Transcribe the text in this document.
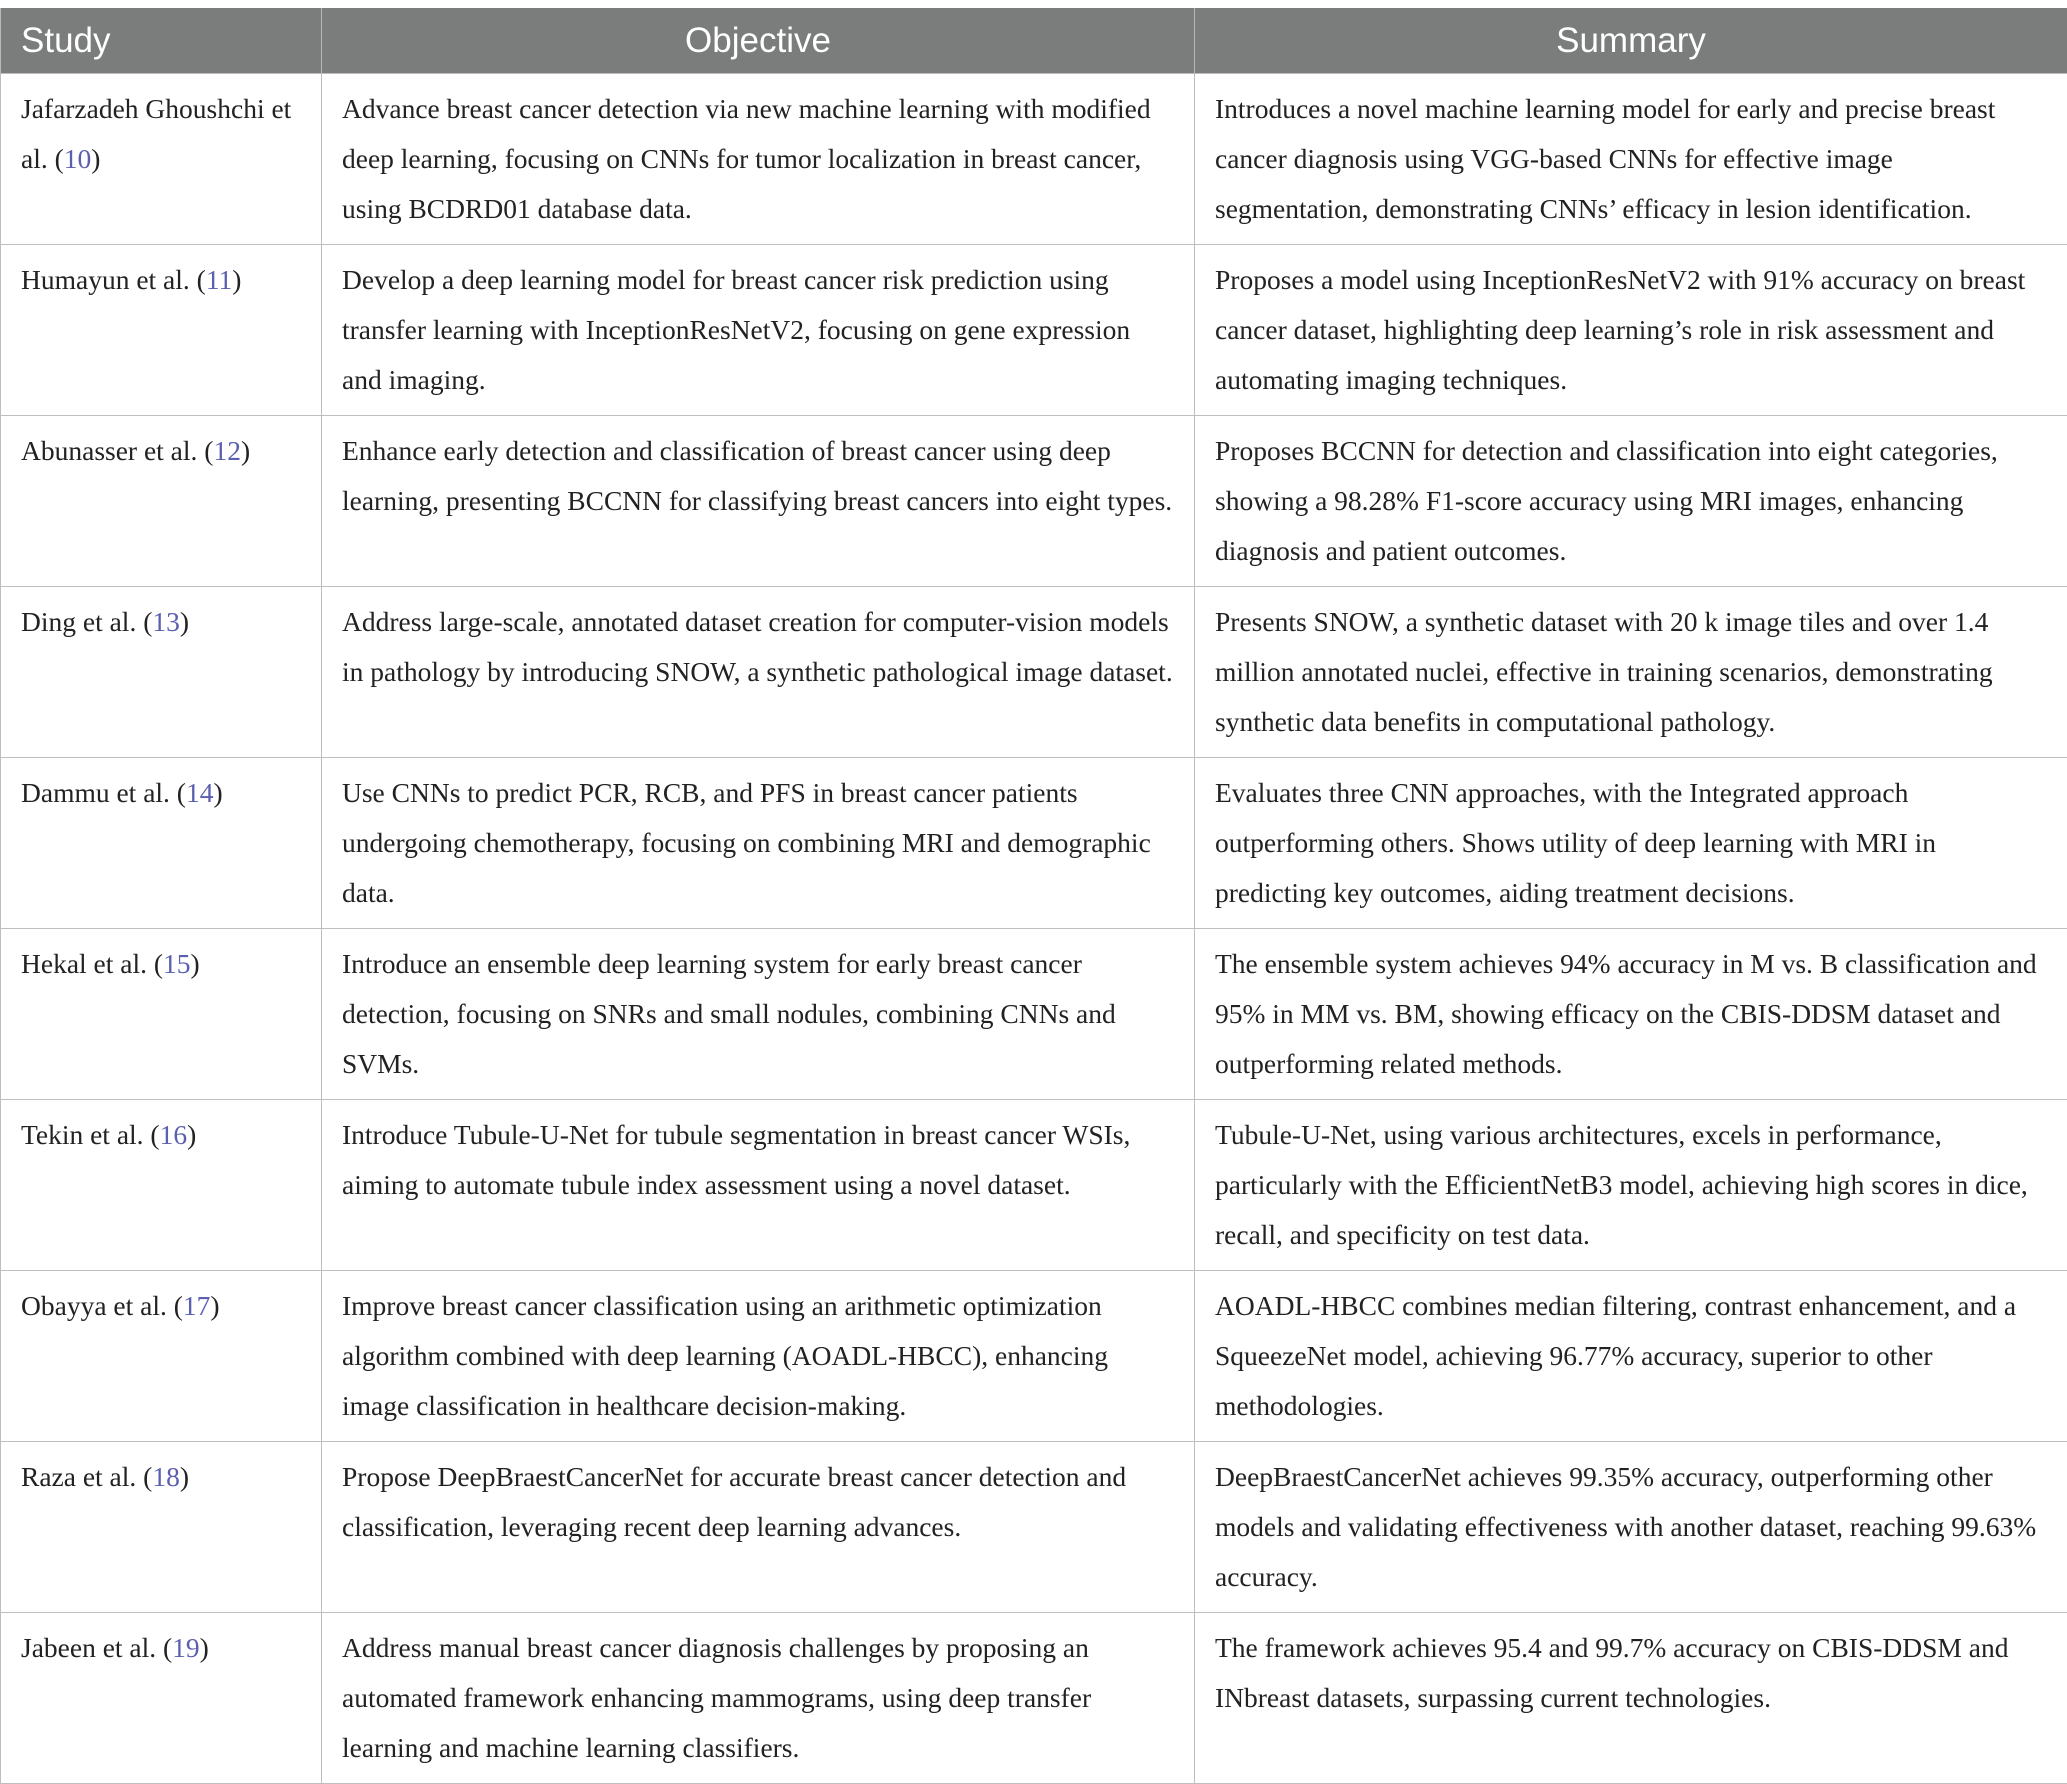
Study	Objective	Summary
Jafarzadeh Ghoushchi et al. (10)	Advance breast cancer detection via new machine learning with modified deep learning, focusing on CNNs for tumor localization in breast cancer, using BCDRD01 database data.	Introduces a novel machine learning model for early and precise breast cancer diagnosis using VGG-based CNNs for effective image segmentation, demonstrating CNNs’ efficacy in lesion identification.
Humayun et al. (11)	Develop a deep learning model for breast cancer risk prediction using transfer learning with InceptionResNetV2, focusing on gene expression and imaging.	Proposes a model using InceptionResNetV2 with 91% accuracy on breast cancer dataset, highlighting deep learning’s role in risk assessment and automating imaging techniques.
Abunasser et al. (12)	Enhance early detection and classification of breast cancer using deep learning, presenting BCCNN for classifying breast cancers into eight types.	Proposes BCCNN for detection and classification into eight categories, showing a 98.28% F1-score accuracy using MRI images, enhancing diagnosis and patient outcomes.
Ding et al. (13)	Address large-scale, annotated dataset creation for computer-vision models in pathology by introducing SNOW, a synthetic pathological image dataset.	Presents SNOW, a synthetic dataset with 20 k image tiles and over 1.4 million annotated nuclei, effective in training scenarios, demonstrating synthetic data benefits in computational pathology.
Dammu et al. (14)	Use CNNs to predict PCR, RCB, and PFS in breast cancer patients undergoing chemotherapy, focusing on combining MRI and demographic data.	Evaluates three CNN approaches, with the Integrated approach outperforming others. Shows utility of deep learning with MRI in predicting key outcomes, aiding treatment decisions.
Hekal et al. (15)	Introduce an ensemble deep learning system for early breast cancer detection, focusing on SNRs and small nodules, combining CNNs and SVMs.	The ensemble system achieves 94% accuracy in M vs. B classification and 95% in MM vs. BM, showing efficacy on the CBIS-DDSM dataset and outperforming related methods.
Tekin et al. (16)	Introduce Tubule-U-Net for tubule segmentation in breast cancer WSIs, aiming to automate tubule index assessment using a novel dataset.	Tubule-U-Net, using various architectures, excels in performance, particularly with the EfficientNetB3 model, achieving high scores in dice, recall, and specificity on test data.
Obayya et al. (17)	Improve breast cancer classification using an arithmetic optimization algorithm combined with deep learning (AOADL-HBCC), enhancing image classification in healthcare decision-making.	AOADL-HBCC combines median filtering, contrast enhancement, and a SqueezeNet model, achieving 96.77% accuracy, superior to other methodologies.
Raza et al. (18)	Propose DeepBraestCancerNet for accurate breast cancer detection and classification, leveraging recent deep learning advances.	DeepBraestCancerNet achieves 99.35% accuracy, outperforming other models and validating effectiveness with another dataset, reaching 99.63% accuracy.
Jabeen et al. (19)	Address manual breast cancer diagnosis challenges by proposing an automated framework enhancing mammograms, using deep transfer learning and machine learning classifiers.	The framework achieves 95.4 and 99.7% accuracy on CBIS-DDSM and INbreast datasets, surpassing current technologies.
